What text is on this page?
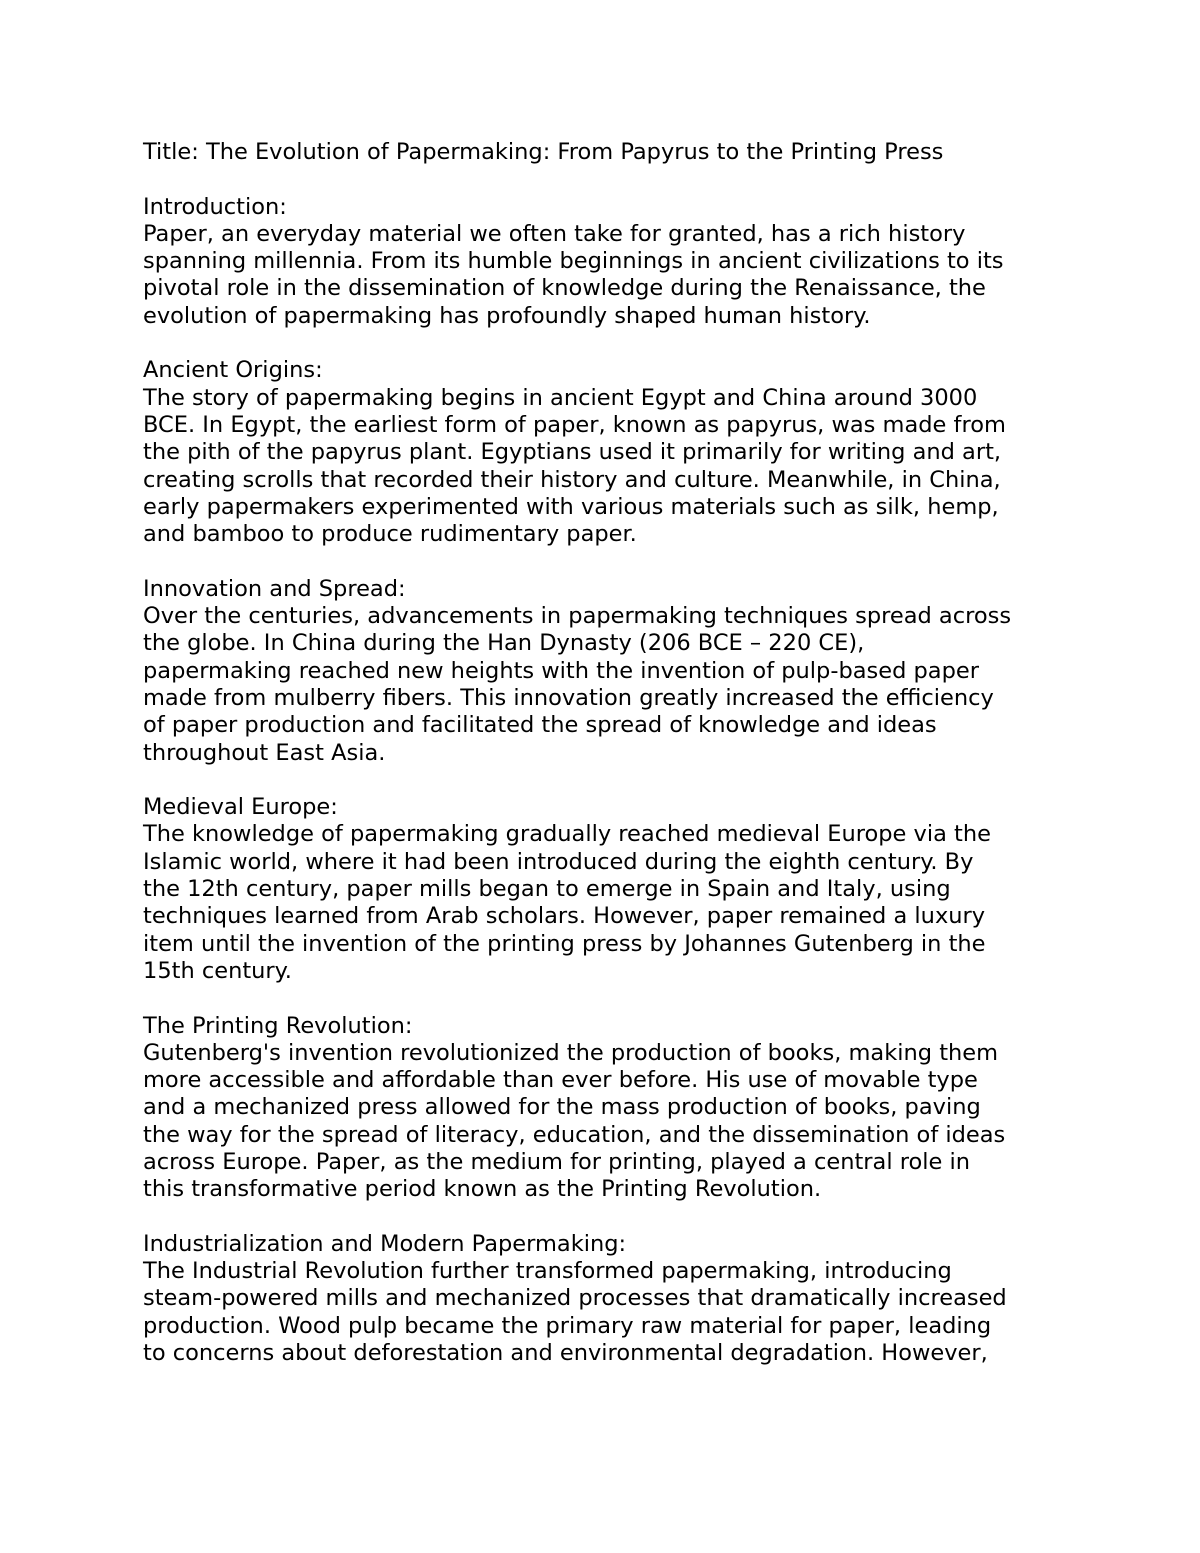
Title: The Evolution of Papermaking: From Papyrus to the Printing Press
Introduction:
Paper, an everyday material we often take for granted, has a rich history
spanning millennia. From its humble beginnings in ancient civilizations to its
pivotal role in the dissemination of knowledge during the Renaissance, the
evolution of papermaking has profoundly shaped human history.
Ancient Origins:
The story of papermaking begins in ancient Egypt and China around 3000
BCE. In Egypt, the earliest form of paper, known as papyrus, was made from
the pith of the papyrus plant. Egyptians used it primarily for writing and art,
creating scrolls that recorded their history and culture. Meanwhile, in China,
early papermakers experimented with various materials such as silk, hemp,
and bamboo to produce rudimentary paper.
Innovation and Spread:
Over the centuries, advancements in papermaking techniques spread across
the globe. In China during the Han Dynasty (206 BCE – 220 CE),
papermaking reached new heights with the invention of pulp-based paper
made from mulberry fibers. This innovation greatly increased the efficiency
of paper production and facilitated the spread of knowledge and ideas
throughout East Asia.
Medieval Europe:
The knowledge of papermaking gradually reached medieval Europe via the
Islamic world, where it had been introduced during the eighth century. By
the 12th century, paper mills began to emerge in Spain and Italy, using
techniques learned from Arab scholars. However, paper remained a luxury
item until the invention of the printing press by Johannes Gutenberg in the
15th century.
The Printing Revolution:
Gutenberg's invention revolutionized the production of books, making them
more accessible and affordable than ever before. His use of movable type
and a mechanized press allowed for the mass production of books, paving
the way for the spread of literacy, education, and the dissemination of ideas
across Europe. Paper, as the medium for printing, played a central role in
this transformative period known as the Printing Revolution.
Industrialization and Modern Papermaking:
The Industrial Revolution further transformed papermaking, introducing
steam-powered mills and mechanized processes that dramatically increased
production. Wood pulp became the primary raw material for paper, leading
to concerns about deforestation and environmental degradation. However,
